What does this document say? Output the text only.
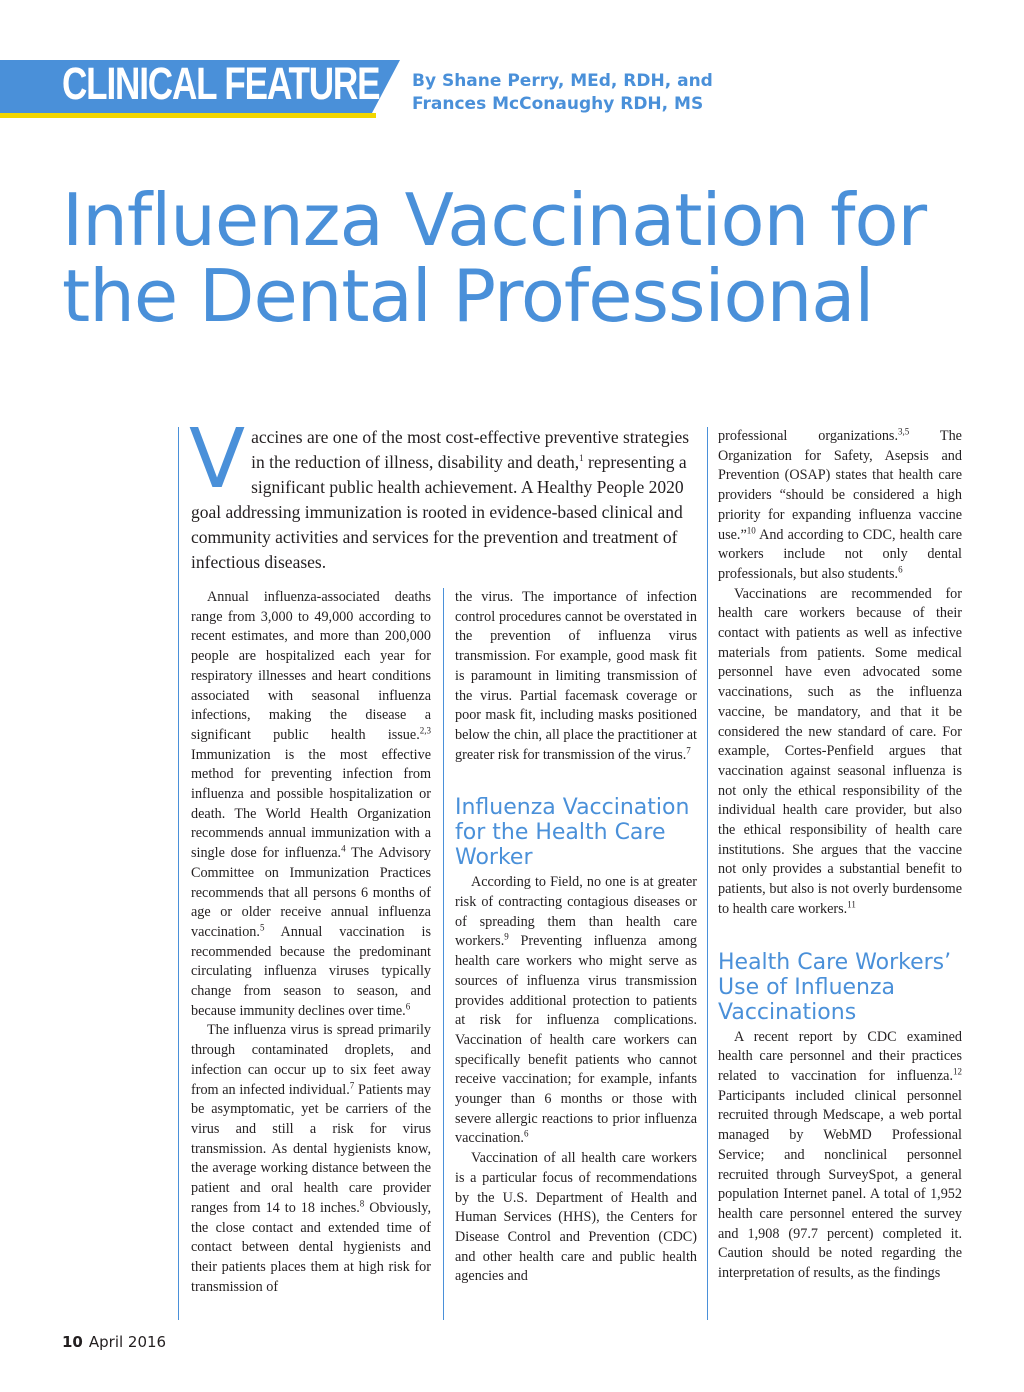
CLINICAL FEATURE By Shane Perry, MEd, RDH, and
Frances McConaughy RDH, MS
Influenza Vaccination for
the Dental Professional
Vaccines are one of the most cost-effective preventive strategies in the reduction of illness, disability and death,$^1$ representing a significant public health achievement. A Healthy People 2020 goal addressing immunization is rooted in evidence-based clinical and community activities and services for the prevention and treatment of infectious diseases.

Annual influenza-associated deaths range from 3,000 to 49,000 according to recent estimates, and more than 200,000 people are hospitalized each year for respiratory illnesses and heart conditions associated with seasonal influenza infections, making the disease a significant public health issue.$^{2,3}$ Immunization is the most effective method for preventing infection from influenza and possible hospitalization or death. The World Health Organization recommends annual immunization with a single dose for influenza.$^4$ The Advisory Committee on Immunization Practices recommends that all persons 6 months of age or older receive annual influenza vaccination.$^5$ Annual vaccination is recommended because the predominant circulating influenza viruses typically change from season to season, and because immunity declines over time.$^6$

The influenza virus is spread primarily through contaminated droplets, and infection can occur up to six feet away from an infected individual.$^7$ Patients may be asymptomatic, yet be carriers of the virus and still a risk for virus transmission. As dental hygienists know, the average working distance between the patient and oral health care provider ranges from 14 to 18 inches.$^8$ Obviously, the close contact and extended time of contact between dental hygienists and their patients places them at high risk for transmission of

the virus. The importance of infection control procedures cannot be overstated in the prevention of influenza virus transmission. For example, good mask fit is paramount in limiting transmission of the virus. Partial facemask coverage or poor mask fit, including masks positioned below the chin, all place the practitioner at greater risk for transmission of the virus.$^7$

Influenza Vaccination for the Health Care Worker

According to Field, no one is at greater risk of contracting contagious diseases or of spreading them than health care workers.$^9$ Preventing influenza among health care workers who might serve as sources of influenza virus transmission provides additional protection to patients at risk for influenza complications. Vaccination of health care workers can specifically benefit patients who cannot receive vaccination; for example, infants younger than 6 months or those with severe allergic reactions to prior influenza vaccination.$^6$

Vaccination of all health care workers is a particular focus of recommendations by the U.S. Department of Health and Human Services (HHS), the Centers for Disease Control and Prevention (CDC) and other health care and public health agencies and

professional organizations.$^{3,5}$ The Organization for Safety, Asepsis and Prevention (OSAP) states that health care providers “should be considered a high priority for expanding influenza vaccine use.”$^{10}$ And according to CDC, health care workers include not only dental professionals, but also students.$^6$

Vaccinations are recommended for health care workers because of their contact with patients as well as infective materials from patients. Some medical personnel have even advocated some vaccinations, such as the influenza vaccine, be mandatory, and that it be considered the new standard of care. For example, Cortes-Penfield argues that vaccination against seasonal influenza is not only the ethical responsibility of the individual health care provider, but also the ethical responsibility of health care institutions. She argues that the vaccine not only provides a substantial benefit to patients, but also is not overly burdensome to health care workers.$^{11}$

Health Care Workers’ Use of Influenza Vaccinations

A recent report by CDC examined health care personnel and their practices related to vaccination for influenza.$^{12}$ Participants included clinical personnel recruited through Medscape, a web portal managed by WebMD Professional Service; and nonclinical personnel recruited through SurveySpot, a general population Internet panel. A total of 1,952 health care personnel entered the survey and 1,908 (97.7 percent) completed it. Caution should be noted regarding the interpretation of results, as the findings

10 April 2016
